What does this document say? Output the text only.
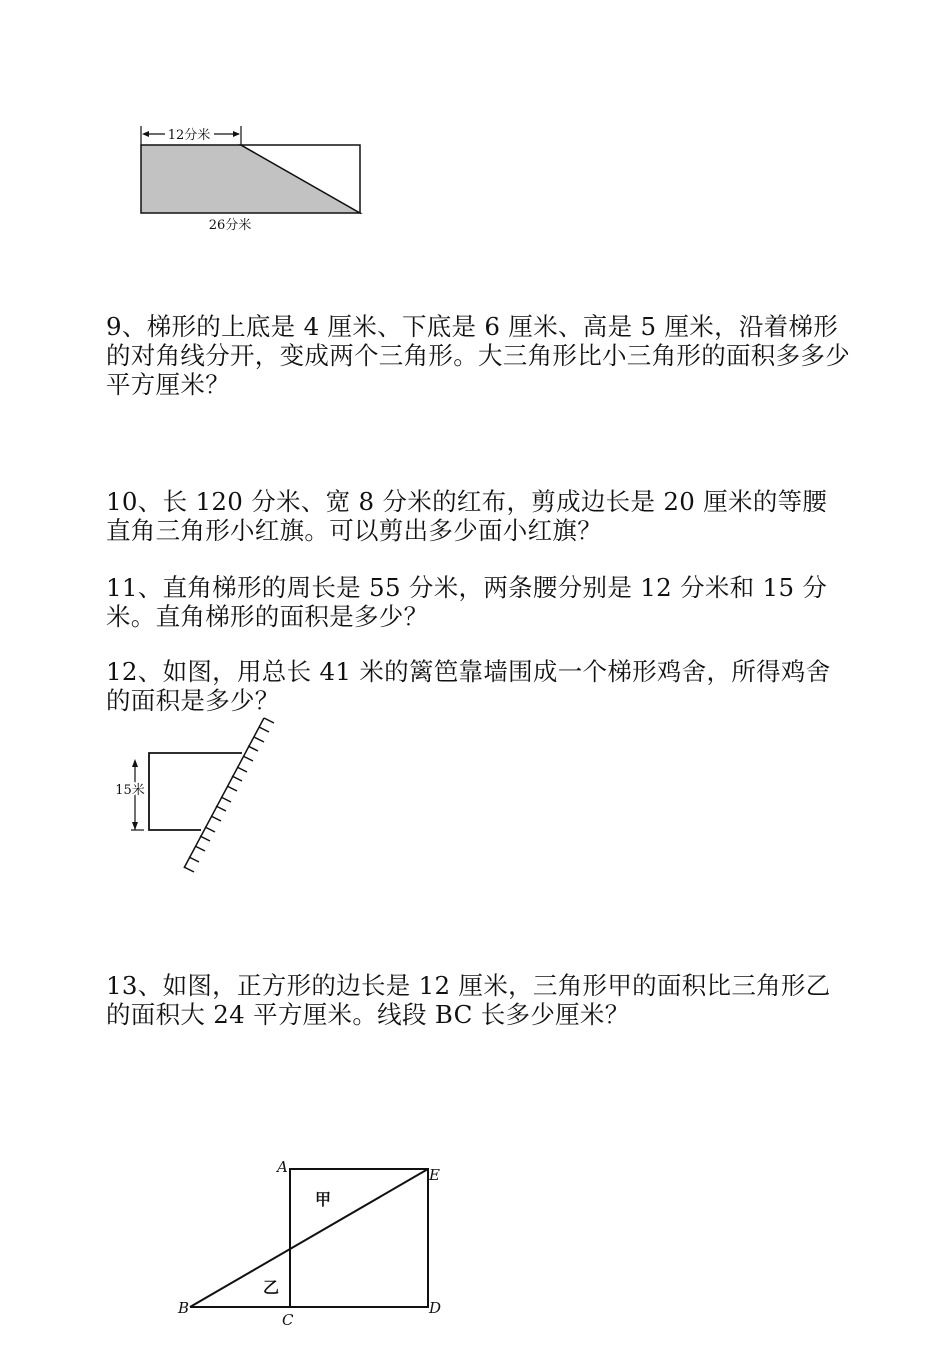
12分米
26分米
9、梯形的上底是 4 厘米、下底是 6 厘米、高是 5 厘米，沿着梯形的对角线分开，变成两个三角形。大三角形比小三角形的面积多多少平方厘米？
10、长 120 分米、宽 8 分米的红布，剪成边长是 20 厘米的等腰直角三角形小红旗。可以剪出多少面小红旗？
11、直角梯形的周长是 55 分米，两条腰分别是 12 分米和 15 分米。直角梯形的面积是多少？
12、如图，用总长 41 米的篱笆靠墙围成一个梯形鸡舍，所得鸡舍的面积是多少？
15米
13、如图，正方形的边长是 12 厘米，三角形甲的面积比三角形乙的面积大 24 平方厘米。线段 BC 长多少厘米？
A	E
B
C
D
甲
乙
